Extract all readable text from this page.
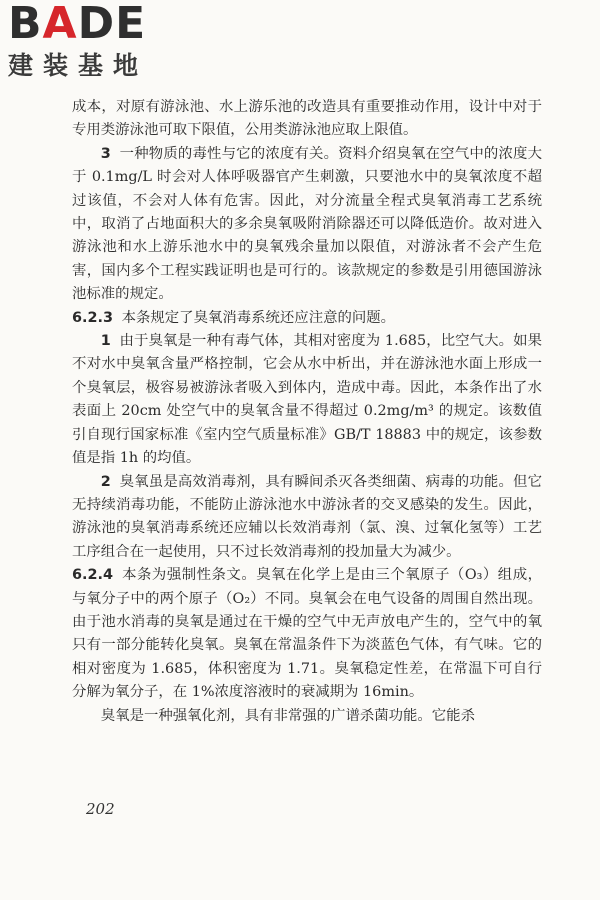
BADE
建装基地

成本，对原有游泳池、水上游乐池的改造具有重要推动作用，设计中对于专用类游泳池可取下限值，公用类游泳池应取上限值。

3 一种物质的毒性与它的浓度有关。资料介绍臭氧在空气中的浓度大于 0.1mg/L 时会对人体呼吸器官产生刺激，只要池水中的臭氧浓度不超过该值，不会对人体有危害。因此，对分流量全程式臭氧消毒工艺系统中，取消了占地面积大的多余臭氧吸附消除器还可以降低造价。故对进入游泳池和水上游乐池水中的臭氧残余量加以限值，对游泳者不会产生危害，国内多个工程实践证明也是可行的。该款规定的参数是引用德国游泳池标准的规定。

6.2.3 本条规定了臭氧消毒系统还应注意的问题。

1 由于臭氧是一种有毒气体，其相对密度为 1.685，比空气大。如果不对水中臭氧含量严格控制，它会从水中析出，并在游泳池水面上形成一个臭氧层，极容易被游泳者吸入到体内，造成中毒。因此，本条作出了水表面上 20cm 处空气中的臭氧含量不得超过 0.2mg/m³ 的规定。该数值引自现行国家标准《室内空气质量标准》GB/T 18883 中的规定，该参数值是指 1h 的均值。

2 臭氧虽是高效消毒剂，具有瞬间杀灭各类细菌、病毒的功能。但它无持续消毒功能，不能防止游泳池水中游泳者的交叉感染的发生。因此，游泳池的臭氧消毒系统还应辅以长效消毒剂（氯、溴、过氧化氢等）工艺工序组合在一起使用，只不过长效消毒剂的投加量大为减少。

6.2.4 本条为强制性条文。臭氧在化学上是由三个氧原子（O₃）组成，与氧分子中的两个原子（O₂）不同。臭氧会在电气设备的周围自然出现。由于池水消毒的臭氧是通过在干燥的空气中无声放电产生的，空气中的氧只有一部分能转化臭氧。臭氧在常温条件下为淡蓝色气体，有气味。它的相对密度为 1.685，体积密度为 1.71。臭氧稳定性差，在常温下可自行分解为氧分子，在 1%浓度溶液时的衰减期为 16min。

臭氧是一种强氧化剂，具有非常强的广谱杀菌功能。它能杀

202
